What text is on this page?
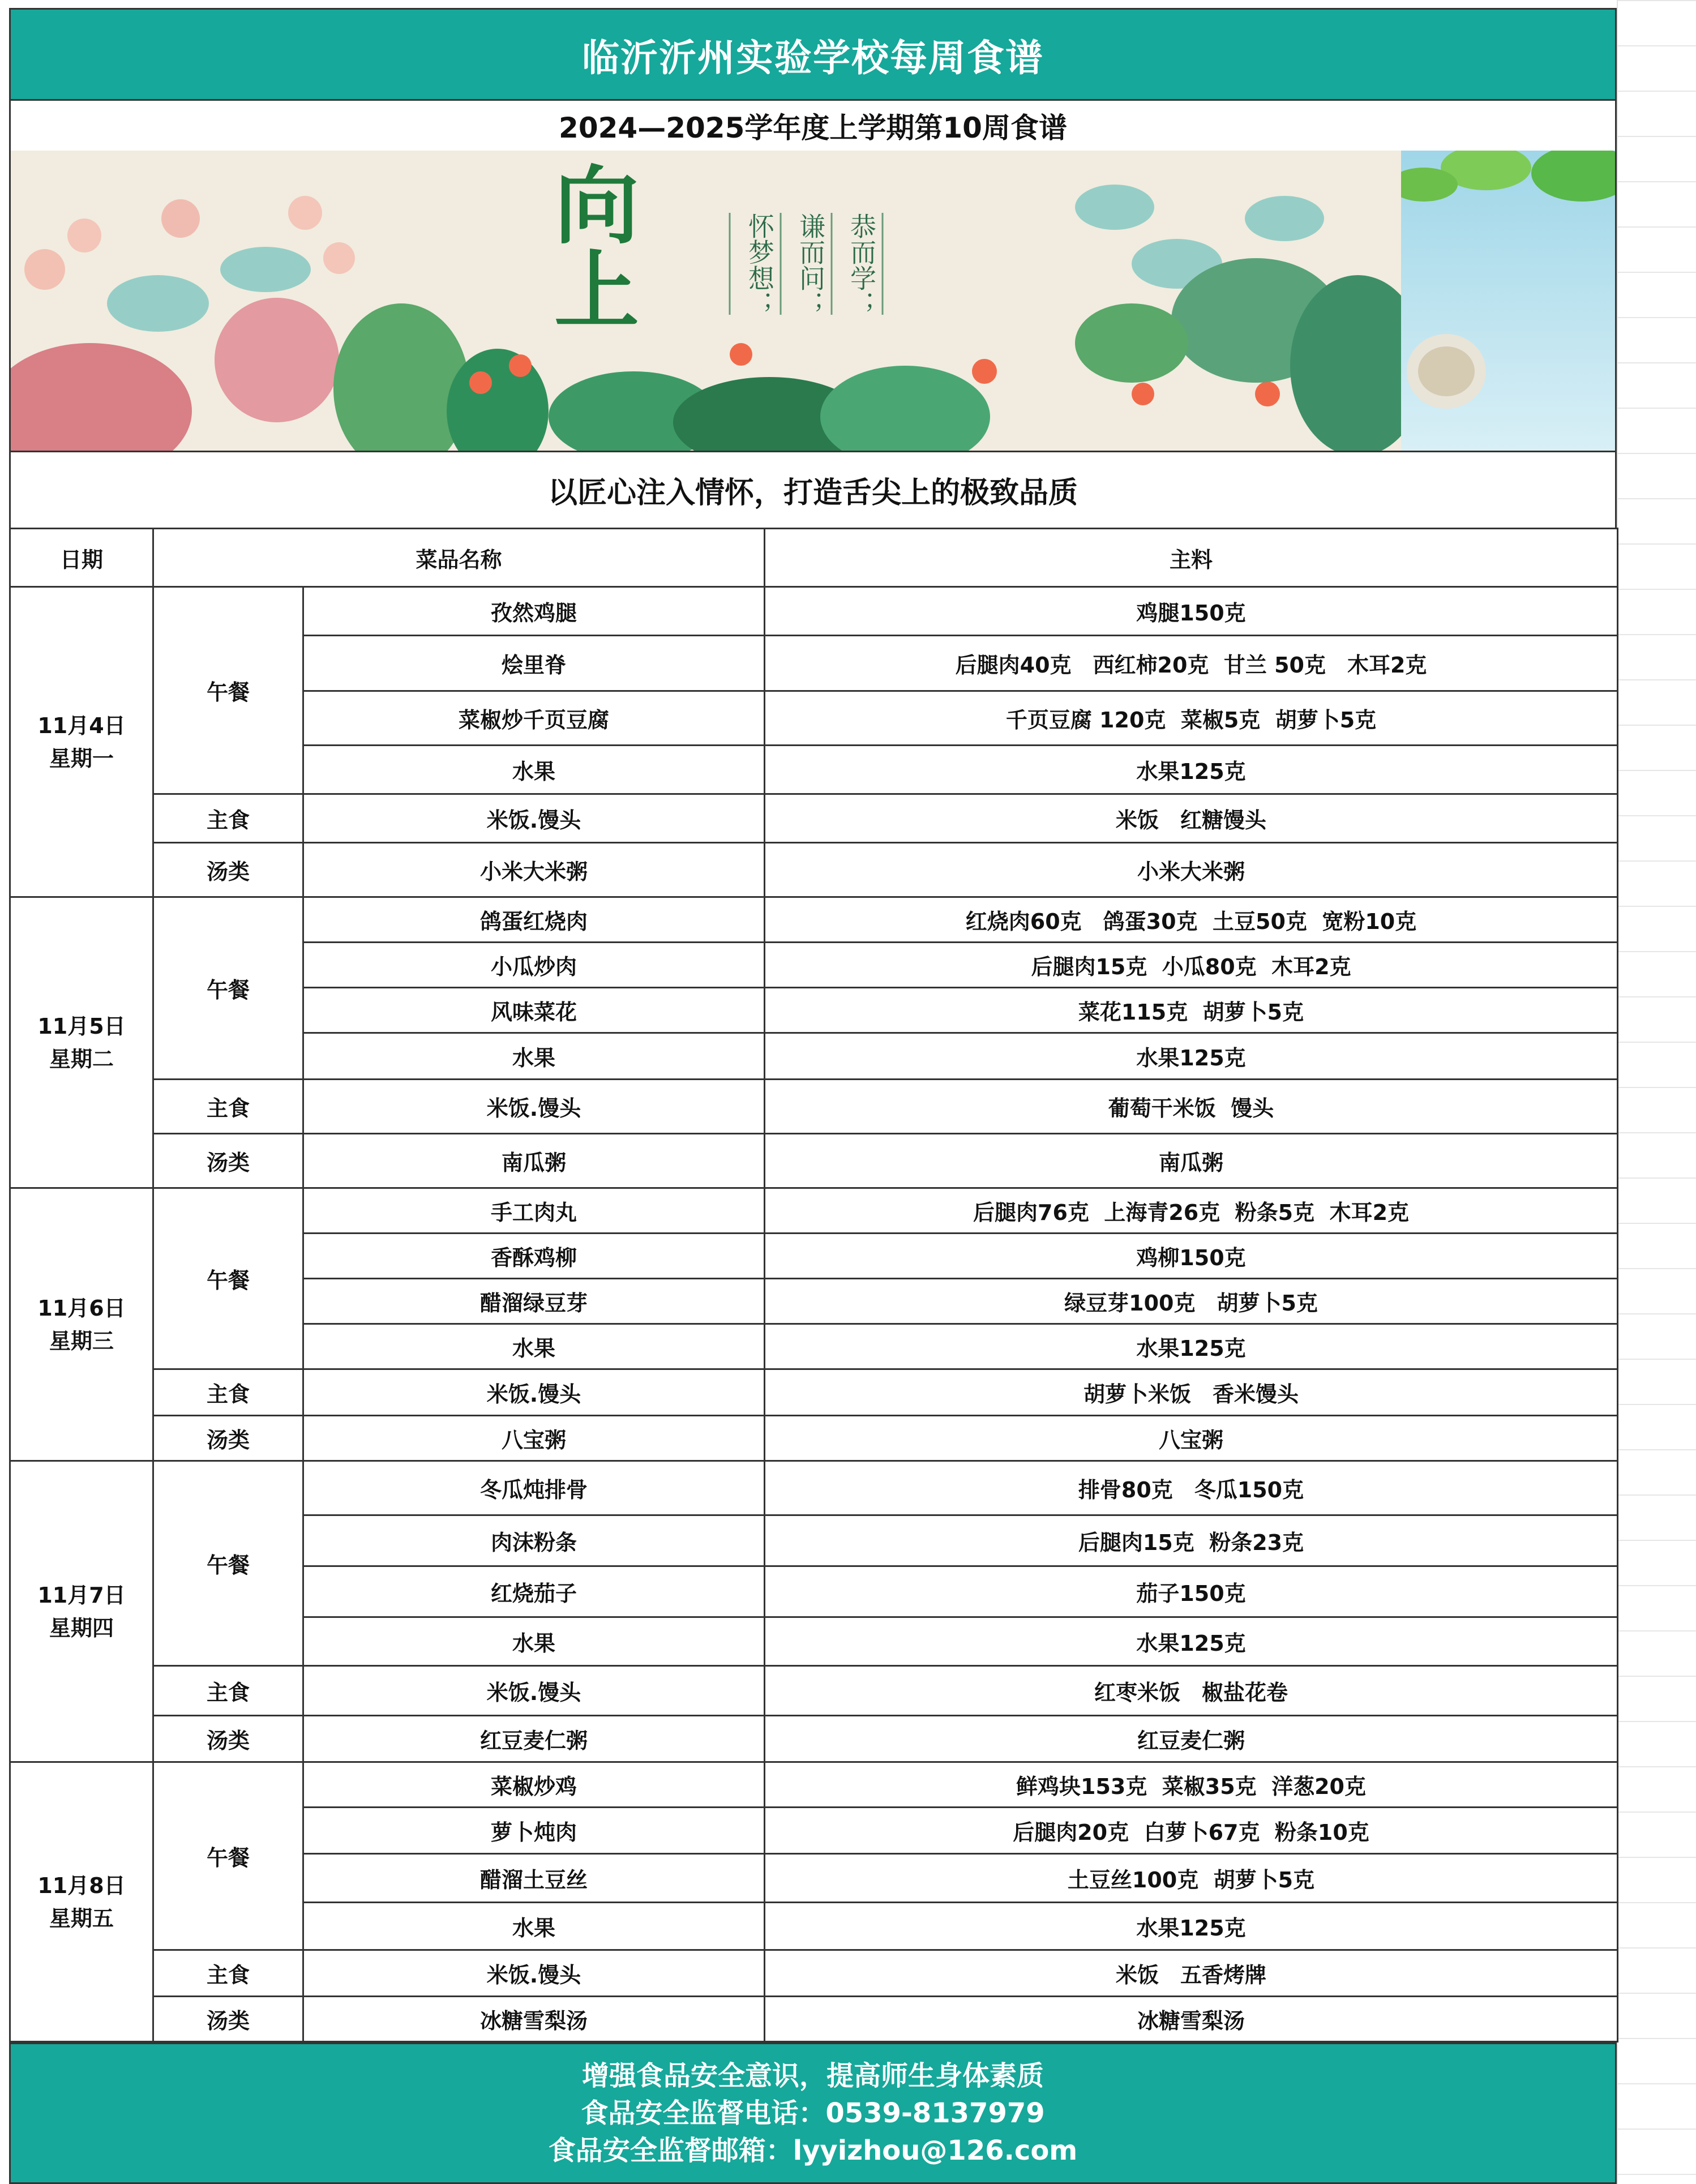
临沂沂州实验学校每周食谱
2024—2025学年度上学期第10周食谱
向
上	恭而学；
谦而问；
怀梦想；
以匠心注入情怀，打造舌尖上的极致品质
日期	菜品名称		主料

11月4日
星期一	午餐	孜然鸡腿	鸡腿150克
		烩里脊	后腿肉40克　西红柿20克  甘兰 50克　木耳2克
		菜椒炒千页豆腐	千页豆腐 120克  菜椒5克  胡萝卜5克
		水果	水果125克
	主食	米饭.馒头	米饭　红糖馒头
	汤类	小米大米粥	小米大米粥

11月5日
星期二	午餐	鸽蛋红烧肉	红烧肉60克　鸽蛋30克  土豆50克  宽粉10克
		小瓜炒肉	后腿肉15克  小瓜80克  木耳2克
		风味菜花	菜花115克  胡萝卜5克
		水果	水果125克
	主食	米饭.馒头	葡萄干米饭  馒头
	汤类	南瓜粥	南瓜粥

11月6日
星期三	午餐	手工肉丸	后腿肉76克  上海青26克  粉条5克  木耳2克
		香酥鸡柳	鸡柳150克
		醋溜绿豆芽	绿豆芽100克　胡萝卜5克
		水果	水果125克
	主食	米饭.馒头	胡萝卜米饭　香米馒头
	汤类	八宝粥	八宝粥

11月7日
星期四	午餐	冬瓜炖排骨	排骨80克　冬瓜150克
		肉沫粉条	后腿肉15克  粉条23克
		红烧茄子	茄子150克
		水果	水果125克
	主食	米饭.馒头	红枣米饭　椒盐花卷
	汤类	红豆麦仁粥	红豆麦仁粥

11月8日
星期五	午餐	菜椒炒鸡	鲜鸡块153克  菜椒35克  洋葱20克
		萝卜炖肉	后腿肉20克  白萝卜67克  粉条10克
		醋溜土豆丝	土豆丝100克  胡萝卜5克
		水果	水果125克
	主食	米饭.馒头	米饭　五香烤牌
	汤类	冰糖雪梨汤	冰糖雪梨汤
增强食品安全意识，提高师生身体素质
食品安全监督电话：0539-8137979
食品安全监督邮箱：lyyizhou@126.com
